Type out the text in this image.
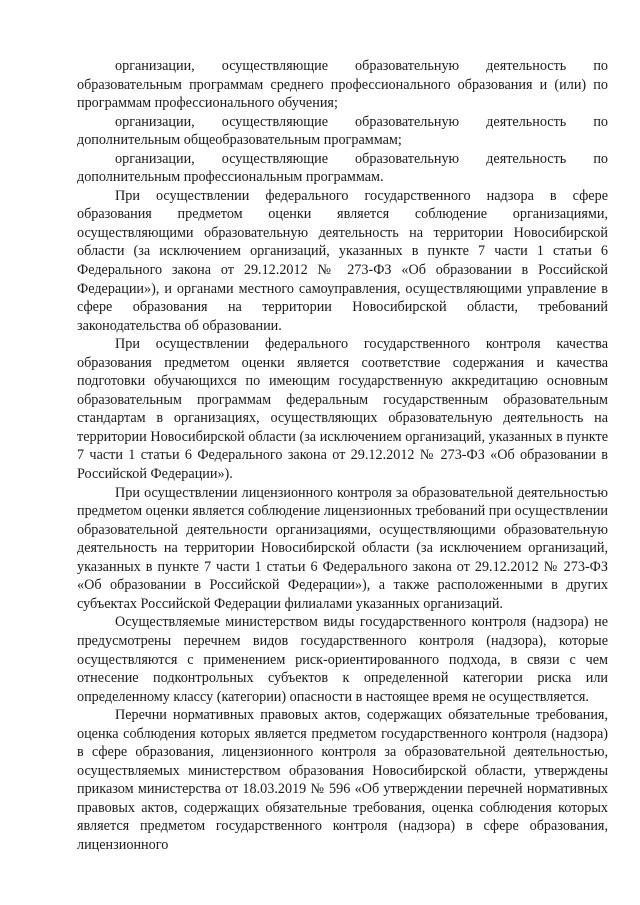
организации, осуществляющие образовательную деятельность по образовательным программам среднего профессионального образования и (или) по программам профессионального обучения;

организации, осуществляющие образовательную деятельность по дополнительным общеобразовательным программам;

организации, осуществляющие образовательную деятельность по дополнительным профессиональным программам.

При осуществлении федерального государственного надзора в сфере образования предметом оценки является соблюдение организациями, осуществляющими образовательную деятельность на территории Новосибирской области (за исключением организаций, указанных в пункте 7 части 1 статьи 6 Федерального закона от 29.12.2012 № 273-ФЗ «Об образовании в Российской Федерации»), и органами местного самоуправления, осуществляющими управление в сфере образования на территории Новосибирской области, требований законодательства об образовании.

При осуществлении федерального государственного контроля качества образования предметом оценки является соответствие содержания и качества подготовки обучающихся по имеющим государственную аккредитацию основным образовательным программам федеральным государственным образовательным стандартам в организациях, осуществляющих образовательную деятельность на территории Новосибирской области (за исключением организаций, указанных в пункте 7 части 1 статьи 6 Федерального закона от 29.12.2012 № 273-ФЗ «Об образовании в Российской Федерации»).

При осуществлении лицензионного контроля за образовательной деятельностью предметом оценки является соблюдение лицензионных требований при осуществлении образовательной деятельности организациями, осуществляющими образовательную деятельность на территории Новосибирской области (за исключением организаций, указанных в пункте 7 части 1 статьи 6 Федерального закона от 29.12.2012 № 273-ФЗ «Об образовании в Российской Федерации»), а также расположенными в других субъектах Российской Федерации филиалами указанных организаций.

Осуществляемые министерством виды государственного контроля (надзора) не предусмотрены перечнем видов государственного контроля (надзора), которые осуществляются с применением риск-ориентированного подхода, в связи с чем отнесение подконтрольных субъектов к определенной категории риска или определенному классу (категории) опасности в настоящее время не осуществляется.

Перечни нормативных правовых актов, содержащих обязательные требования, оценка соблюдения которых является предметом государственного контроля (надзора) в сфере образования, лицензионного контроля за образовательной деятельностью, осуществляемых министерством образования Новосибирской области, утверждены приказом министерства от 18.03.2019 № 596 «Об утверждении перечней нормативных правовых актов, содержащих обязательные требования, оценка соблюдения которых является предметом государственного контроля (надзора) в сфере образования, лицензионного
